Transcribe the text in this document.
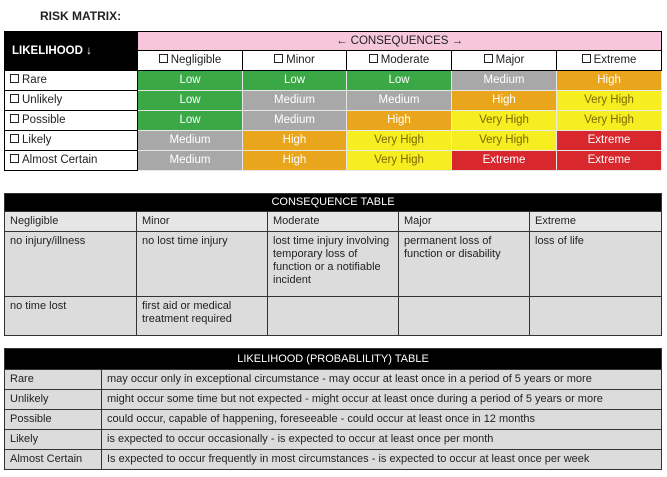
RISK MATRIX:
LIKELIHOOD ↓	← CONSEQUENCES →				
	Negligible	Minor	Moderate	Major	Extreme
Rare	Low	Low	Low	Medium	High
Unlikely	Low	Medium	Medium	High	Very High
Possible	Low	Medium	High	Very High	Very High
Likely	Medium	High	Very High	Very High	Extreme
Almost Certain	Medium	High	Very High	Extreme	Extreme
CONSEQUENCE TABLE				
Negligible	Minor	Moderate	Major	Extreme
no injury/illness	no lost time injury	lost time injury involving temporary loss of function or a notifiable incident	permanent loss of function or disability	loss of life
no time lost	first aid or medical treatment required			
LIKELIHOOD (PROBABLILITY) TABLE	
Rare	may occur only in exceptional circumstance - may occur at least once in a period of 5 years or more
Unlikely	might occur some time but not expected - might occur at least once during a period of 5 years or more
Possible	could occur, capable of happening, foreseeable - could occur at least once in 12 months
Likely	is expected to occur occasionally - is expected to occur at least once per month
Almost Certain	Is expected to occur frequently in most circumstances - is expected to occur at least once per week
